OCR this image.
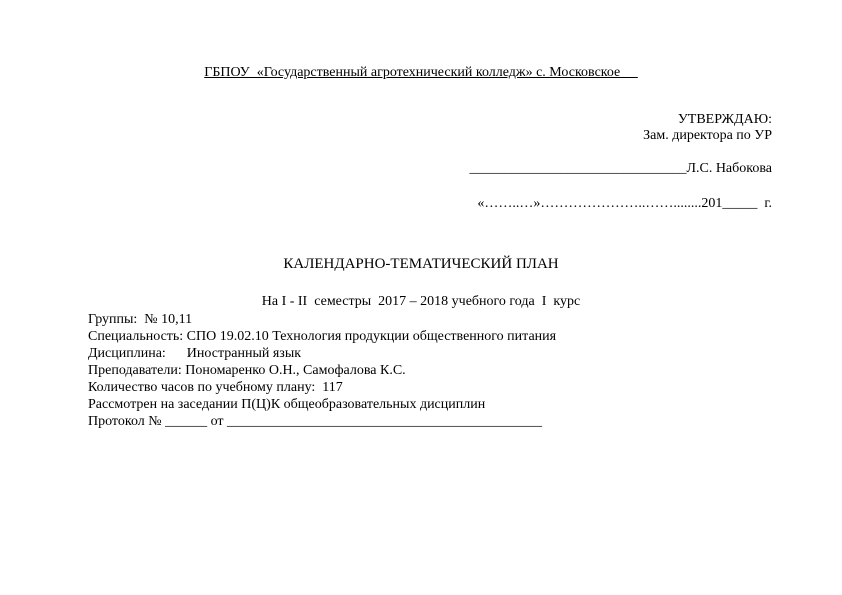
ГБПОУ  «Государственный агротехнический колледж» с. Московское
УТВЕРЖДАЮ:
Зам. директора по УР
_______________________________Л.С. Набокова
«……..…»…………………..……........201_____  г.
КАЛЕНДАРНО-ТЕМАТИЧЕСКИЙ ПЛАН
На I - II  семестры  2017 – 2018 учебного года  I  курс
Группы:  № 10,11
Специальность: СПО 19.02.10 Технология продукции общественного питания
Дисциплина:      Иностранный язык
Преподаватели: Пономаренко О.Н., Самофалова К.С.
Количество часов по учебному плану:  117
Рассмотрен на заседании П(Ц)К общеобразовательных дисциплин
Протокол № ______ от _____________________________________________
